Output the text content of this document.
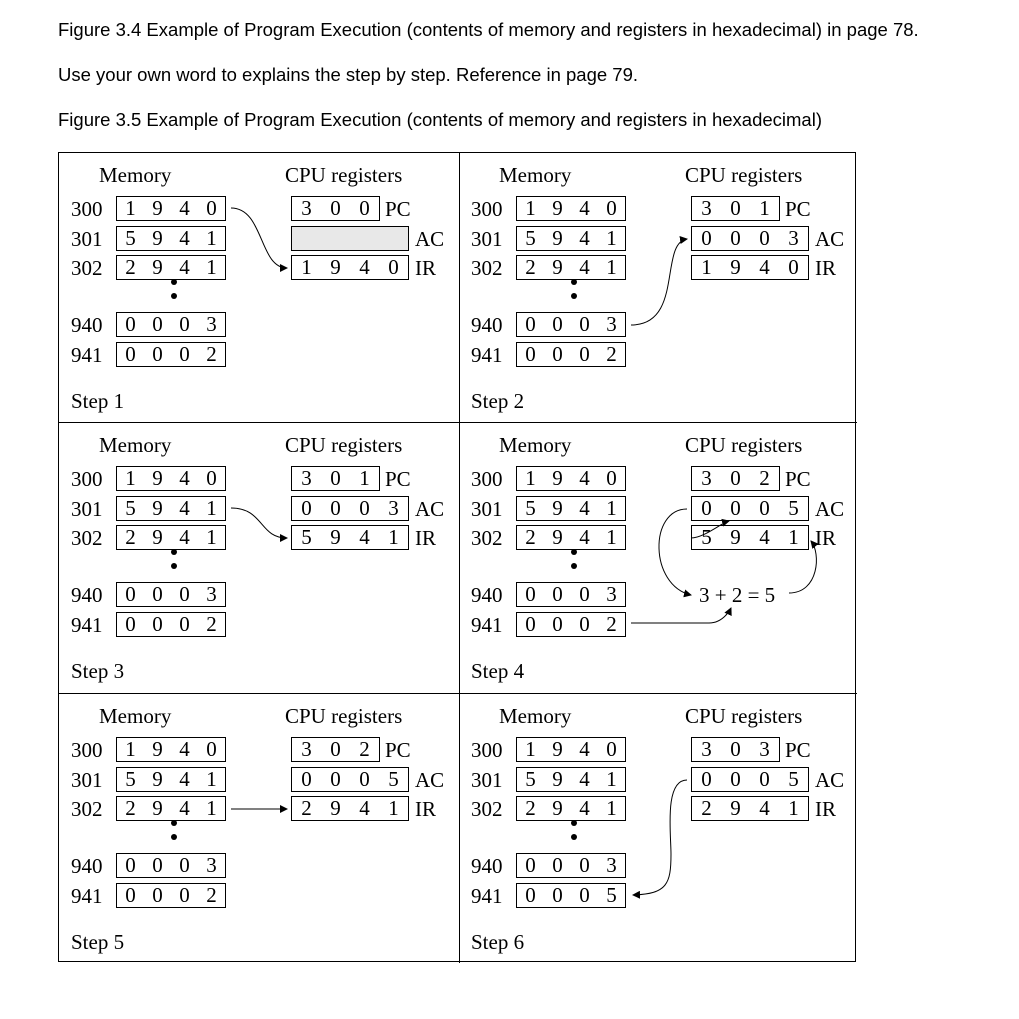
Figure 3.4 Example of Program Execution (contents of memory and registers in hexadecimal) in page 78.
Use your own word to explains the step by step. Reference in page 79.
Figure 3.5 Example of Program Execution (contents of memory and registers in hexadecimal)
Memory	CPU registers
300	1 9 4 0
301	5 9 4 1
302	2 9 4 1
940	0 0 0 3
941	0 0 0 2
3 0 0 PC
AC
1 9 4 0 IR
Step 1
Memory	CPU registers
300	1 9 4 0
301	5 9 4 1
302	2 9 4 1
940	0 0 0 3
941	0 0 0 2
3 0 1 PC
0 0 0 3 AC
1 9 4 0 IR
Step 2
Memory	CPU registers
300	1 9 4 0
301	5 9 4 1
302	2 9 4 1
940	0 0 0 3
941	0 0 0 2
3 0 1 PC
0 0 0 3 AC
5 9 4 1 IR
Step 3
Memory	CPU registers
300	1 9 4 0
301	5 9 4 1
302	2 9 4 1
940	0 0 0 3
941	0 0 0 2
3 0 2 PC
0 0 0 5 AC
5 9 4 1 IR
Step 4
3 + 2 = 5
Memory	CPU registers
300	1 9 4 0
301	5 9 4 1
302	2 9 4 1
940	0 0 0 3
941	0 0 0 2
3 0 2 PC
0 0 0 5 AC
2 9 4 1 IR
Step 5
Memory	CPU registers
300	1 9 4 0
301	5 9 4 1
302	2 9 4 1
940	0 0 0 3
941	0 0 0 5
3 0 3 PC
0 0 0 5 AC
2 9 4 1 IR
Step 6
